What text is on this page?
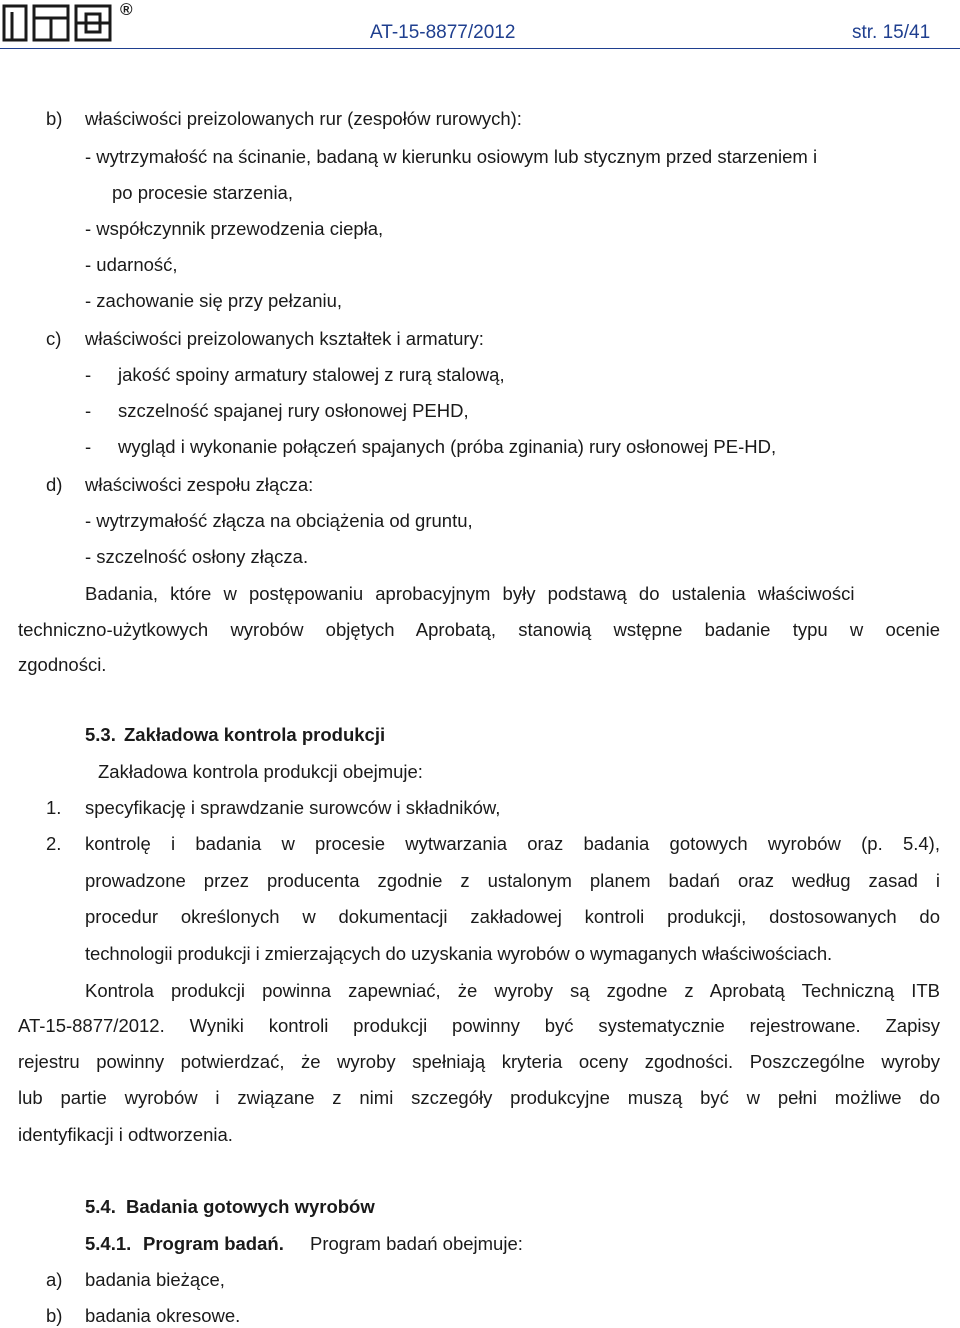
®
AT-15-8877/2012	str. 15/41
b) właściwości preizolowanych rur (zespołów rurowych):
- wytrzymałość na ścinanie, badaną w kierunku osiowym lub stycznym przed starzeniem i
po procesie starzenia,
- współczynnik przewodzenia ciepła,
- udarność,
- zachowanie się przy pełzaniu,
c) właściwości preizolowanych kształtek i armatury:
- jakość spoiny armatury stalowej z rurą stalową,
- szczelność spajanej rury osłonowej PEHD,
- wygląd i wykonanie połączeń spajanych (próba zginania) rury osłonowej PE-HD,
d) właściwości zespołu złącza:
- wytrzymałość złącza na obciążenia od gruntu,
- szczelność osłony złącza.
Badania, które w postępowaniu aprobacyjnym były podstawą do ustalenia właściwości
techniczno-użytkowych wyrobów objętych Aprobatą, stanowią wstępne badanie typu w ocenie
zgodności.
5.3. Zakładowa kontrola produkcji
Zakładowa kontrola produkcji obejmuje:
1. specyfikację i sprawdzanie surowców i składników,
2. kontrolę i badania w procesie wytwarzania oraz badania gotowych wyrobów (p. 5.4),
prowadzone przez producenta zgodnie z ustalonym planem badań oraz według zasad i
procedur określonych w dokumentacji zakładowej kontroli produkcji, dostosowanych do
technologii produkcji i zmierzających do uzyskania wyrobów o wymaganych właściwościach.
Kontrola produkcji powinna zapewniać, że wyroby są zgodne z Aprobatą Techniczną ITB
AT-15-8877/2012. Wyniki kontroli produkcji powinny być systematycznie rejestrowane. Zapisy
rejestru powinny potwierdzać, że wyroby spełniają kryteria oceny zgodności. Poszczególne wyroby
lub partie wyrobów i związane z nimi szczegóły produkcyjne muszą być w pełni możliwe do
identyfikacji i odtworzenia.
5.4. Badania gotowych wyrobów
5.4.1. Program badań. Program badań obejmuje:
a) badania bieżące,
b) badania okresowe.
